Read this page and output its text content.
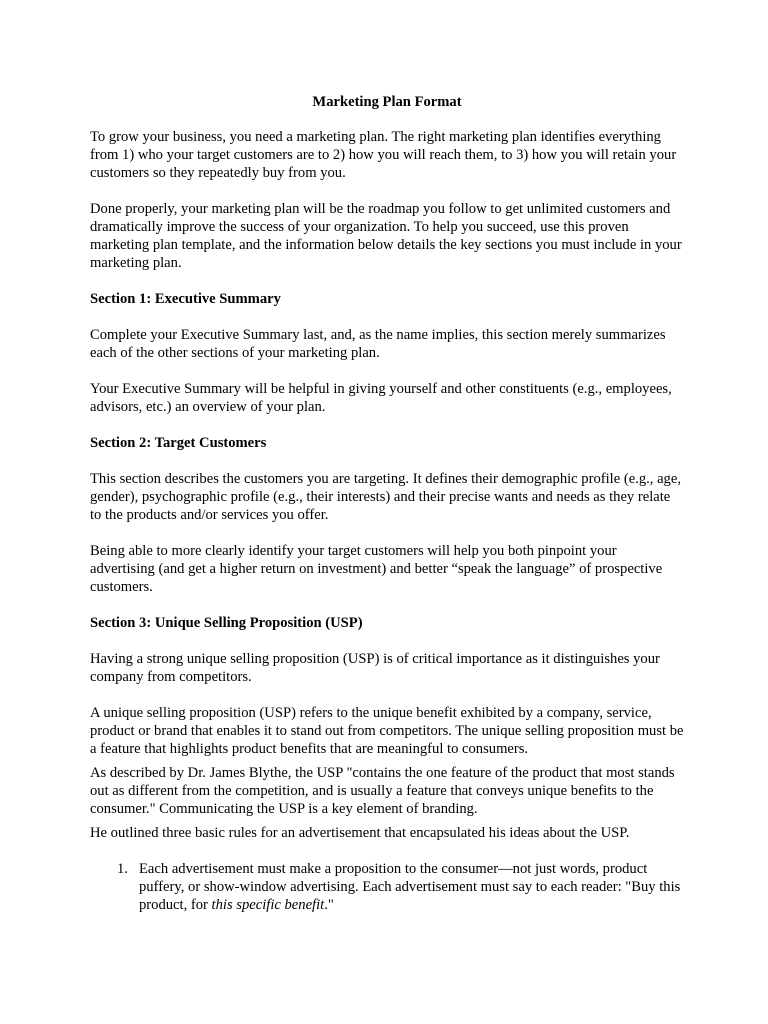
Marketing Plan Format

To grow your business, you need a marketing plan. The right marketing plan identifies everything from 1) who your target customers are to 2) how you will reach them, to 3) how you will retain your customers so they repeatedly buy from you.

Done properly, your marketing plan will be the roadmap you follow to get unlimited customers and dramatically improve the success of your organization. To help you succeed, use this proven marketing plan template, and the information below details the key sections you must include in your marketing plan.

Section 1: Executive Summary

Complete your Executive Summary last, and, as the name implies, this section merely summarizes each of the other sections of your marketing plan.

Your Executive Summary will be helpful in giving yourself and other constituents (e.g., employees, advisors, etc.) an overview of your plan.

Section 2: Target Customers

This section describes the customers you are targeting. It defines their demographic profile (e.g., age, gender), psychographic profile (e.g., their interests) and their precise wants and needs as they relate to the products and/or services you offer.

Being able to more clearly identify your target customers will help you both pinpoint your advertising (and get a higher return on investment) and better “speak the language” of prospective customers.

Section 3: Unique Selling Proposition (USP)

Having a strong unique selling proposition (USP) is of critical importance as it distinguishes your company from competitors.

A unique selling proposition (USP) refers to the unique benefit exhibited by a company, service, product or brand that enables it to stand out from competitors. The unique selling proposition must be a feature that highlights product benefits that are meaningful to consumers.

As described by Dr. James Blythe, the USP "contains the one feature of the product that most stands out as different from the competition, and is usually a feature that conveys unique benefits to the consumer." Communicating the USP is a key element of branding.

He outlined three basic rules for an advertisement that encapsulated his ideas about the USP.

1. Each advertisement must make a proposition to the consumer—not just words, product puffery, or show-window advertising. Each advertisement must say to each reader: "Buy this product, for this specific benefit."
